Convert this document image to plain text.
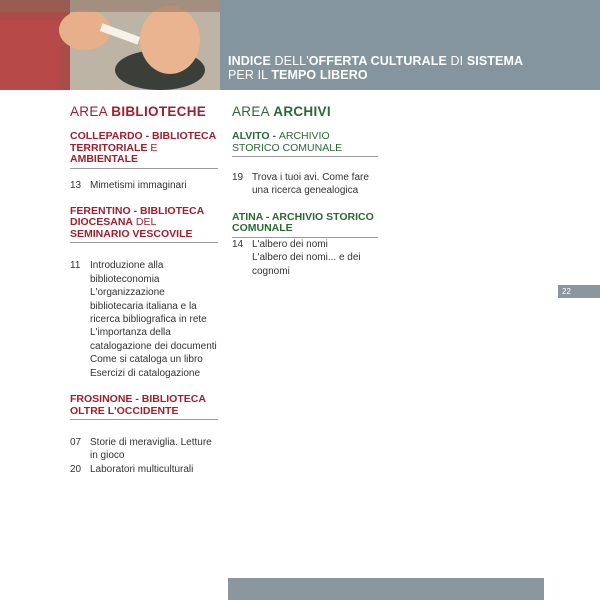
INDICE DELL'OFFERTA CULTURALE DI SISTEMA
PER IL TEMPO LIBERO
AREA BIBLIOTECHE
COLLEPARDO - BIBLIOTECA TERRITORIALE E AMBIENTALE
13 Mimetismi immaginari
FERENTINO - BIBLIOTECA DIOCESANA DEL SEMINARIO VESCOVILE
11 Introduzione alla biblioteconomia
L'organizzazione bibliotecaria italiana e la ricerca bibliografica in rete
L'importanza della catalogazione dei documenti
Come si cataloga un libro
Esercizi di catalogazione
FROSINONE - BIBLIOTECA OLTRE L'OCCIDENTE
07 Storie di meraviglia. Letture in gioco
20 Laboratori multiculturali
AREA ARCHIVI
ALVITO - ARCHIVIO STORICO COMUNALE
19 Trova i tuoi avi. Come fare una ricerca genealogica
ATINA - ARCHIVIO STORICO COMUNALE
14 L'albero dei nomi
L'albero dei nomi... e dei cognomi
22
